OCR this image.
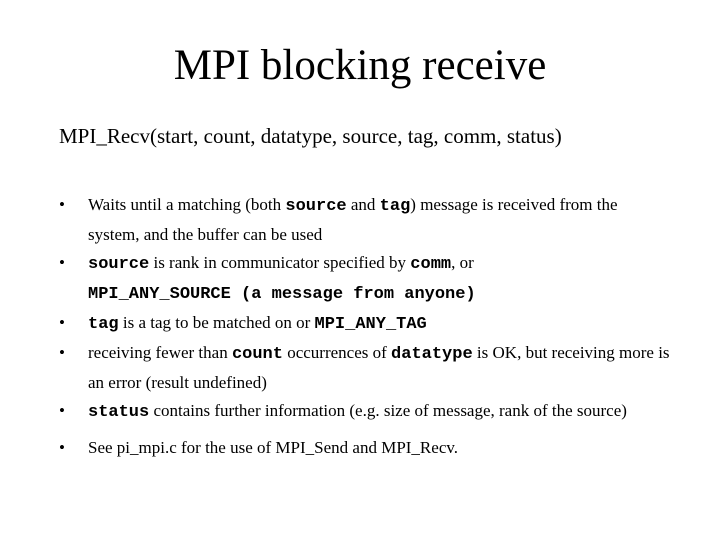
MPI blocking receive
MPI_Recv(start, count, datatype, source, tag, comm, status)
• Waits until a matching (both source and tag) message is received from the system, and the buffer can be used
• source is rank in communicator specified by comm, or
MPI_ANY_SOURCE (a message from anyone)
• tag is a tag to be matched on or MPI_ANY_TAG
• receiving fewer than count occurrences of datatype is OK, but receiving more is an error (result undefined)
• status contains further information (e.g. size of message, rank of the source)
• See pi_mpi.c for the use of MPI_Send and MPI_Recv.
